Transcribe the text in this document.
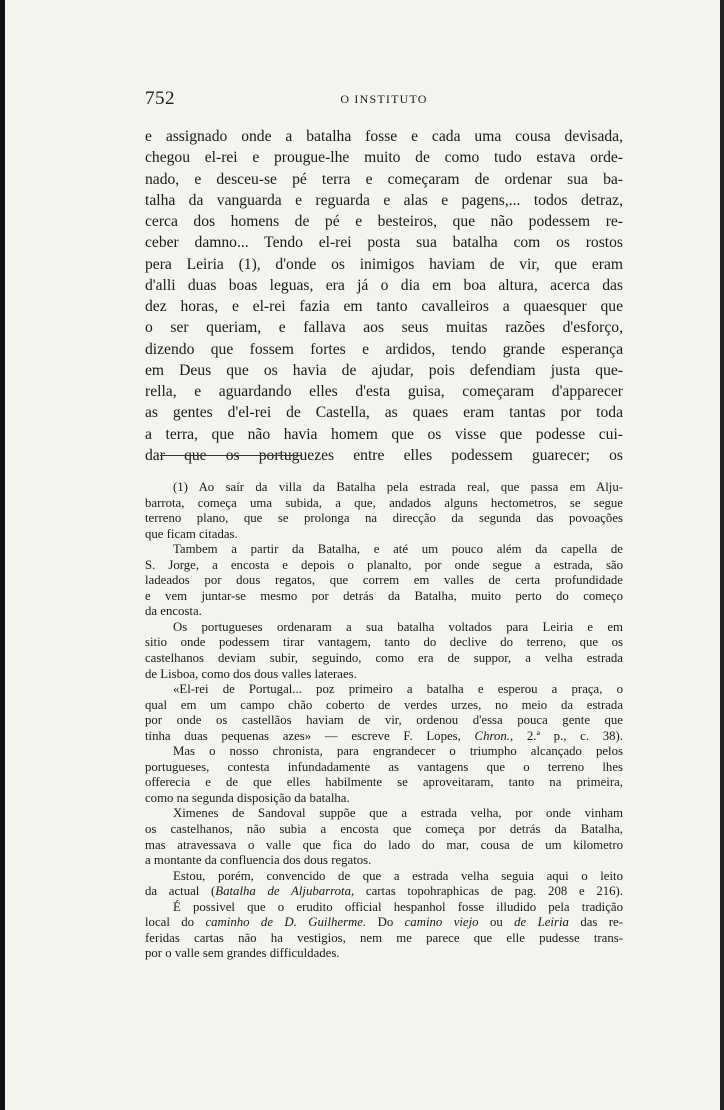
752	O INSTITUTO
e assignado onde a batalha fosse e cada uma cousa devisada,
chegou el-rei e prougue-lhe muito de como tudo estava orde-
nado, e desceu-se pé terra e começaram de ordenar sua ba-
talha da vanguarda e reguarda e alas e pagens,... todos detraz,
cerca dos homens de pé e besteiros, que não podessem re-
ceber damno... Tendo el-rei posta sua batalha com os rostos
pera Leiria (1), d'onde os inimigos haviam de vir, que eram
d'alli duas boas leguas, era já o dia em boa altura, acerca das
dez horas, e el-rei fazia em tanto cavalleiros a quaesquer que
o ser queriam, e fallava aos seus muitas razões d'esforço,
dizendo que fossem fortes e ardidos, tendo grande esperança
em Deus que os havia de ajudar, pois defendiam justa que-
rella, e aguardando elles d'esta guisa, começaram d'apparecer
as gentes d'el-rei de Castella, as quaes eram tantas por toda
a terra, que não havia homem que os visse que podesse cui-
dar que os portuguezes entre elles podessem guarecer; os
(1) Ao saír da villa da Batalha pela estrada real, que passa em Alju-
barrota, começa uma subida, a que, andados alguns hectometros, se segue
terreno plano, que se prolonga na direcção da segunda das povoações
que ficam citadas.
Tambem a partir da Batalha, e até um pouco além da capella de
S. Jorge, a encosta e depois o planalto, por onde segue a estrada, são
ladeados por dous regatos, que correm em valles de certa profundidade
e vem juntar-se mesmo por detrás da Batalha, muito perto do começo
da encosta.
Os portugueses ordenaram a sua batalha voltados para Leiria e em
sitio onde podessem tirar vantagem, tanto do declive do terreno, que os
castelhanos deviam subir, seguindo, como era de suppor, a velha estrada
de Lisboa, como dos dous valles lateraes.
«El-rei de Portugal... poz primeiro a batalha e esperou a praça, o
qual em um campo chão coberto de verdes urzes, no meio da estrada
por onde os castellãos haviam de vir, ordenou d'essa pouca gente que
tinha duas pequenas azes» — escreve F. Lopes, Chron., 2.ª p., c. 38).
Mas o nosso chronista, para engrandecer o triumpho alcançado pelos
portugueses, contesta infundadamente as vantagens que o terreno lhes
offerecia e de que elles habilmente se aproveitaram, tanto na primeira,
como na segunda disposição da batalha.
Ximenes de Sandoval suppõe que a estrada velha, por onde vinham
os castelhanos, não subia a encosta que começa por detrás da Batalha,
mas atravessava o valle que fica do lado do mar, cousa de um kilometro
a montante da confluencia dos dous regatos.
Estou, porém, convencido de que a estrada velha seguia aqui o leito
da actual (Batalha de Aljubarrota, cartas topohraphicas de pag. 208 e 216).
É possivel que o erudito official hespanhol fosse illudido pela tradição
local do caminho de D. Guilherme. Do camino viejo ou de Leiria das re-
feridas cartas não ha vestigios, nem me parece que elle pudesse trans-
por o valle sem grandes difficuldades.
